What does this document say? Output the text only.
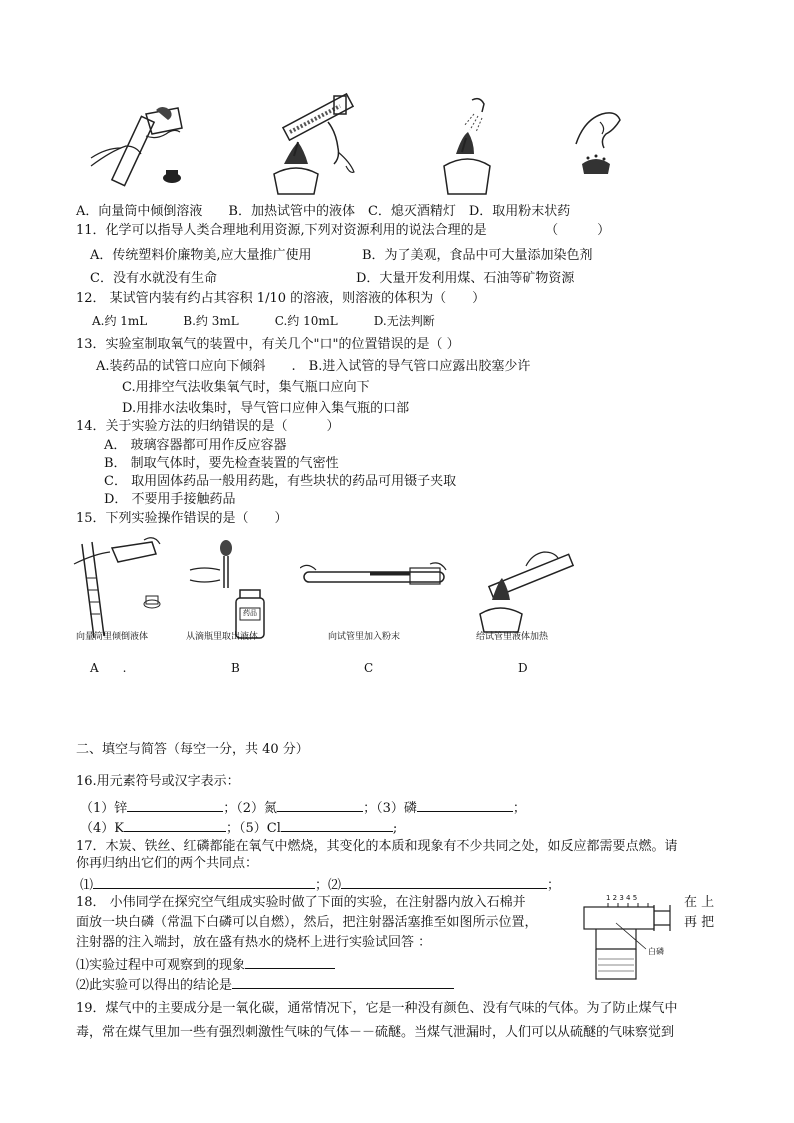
A．向量筒中倾倒溶液　　B．加热试管中的液体　C．熄灭酒精灯　D．取用粉末状药
11．化学可以指导人类合理地利用资源,下列对资源利用的说法合理的是　　　　　（　　　）
A．传统塑料价廉物美,应大量推广使用	B．为了美观，食品中可大量添加染色剂
C．没有水就没有生命	D．大量开发利用煤、石油等矿物资源
12． 某试管内装有约占其容积 1/10 的溶液，则溶液的体积为（　　）
A.约 1mL　　　B.约 3mL　　　C.约 10mL　　　D.无法判断
13．实验室制取氧气的装置中，有关几个"口"的位置错误的是（ ）
A.装药品的试管口应向下倾斜　　.　B.进入试管的导气管口应露出胶塞少许
C.用排空气法收集氧气时，集气瓶口应向下
D.用排水法收集时，导气管口应伸入集气瓶的口部
14．关于实验方法的归纳错误的是（　　　）
A． 玻璃容器都可用作反应容器
B． 制取气体时，要先检查装置的气密性
C． 取用固体药品一般用药匙，有些块状的药品可用镊子夹取
D． 不要用手接触药品
15．下列实验操作错误的是（　　）
药品
向量筒里倾倒液体	从滴瓶里取出液体	向试管里加入粉末	给试管里液体加热
A　　.	B	C	D
二、填空与简答（每空一分，共 40 分）
16.用元素符号或汉字表示：
（1）锌	；（2）氮	；（3）磷	；
（4）K	；（5）Cl	;
17．木炭、铁丝、红磷都能在氧气中燃烧，其变化的本质和现象有不少共同之处，如反应都需要点燃。请
你再归纳出它们的两个共同点：
⑴	；⑵	；
18． 小伟同学在探究空气组成实验时做了下面的实验，在注射器内放入石棉并	在 上
面放一块白磷（常温下白磷可以自燃），然后，把注射器活塞推至如图所示位置，	再 把
注射器的注入端封，放在盛有热水的烧杯上进行实验试回答 ：
⑴实验过程中可观察到的现象
⑵此实验可以得出的结论是
1 2 3 4 5
白磷
19．煤气中的主要成分是一氧化碳，通常情况下，它是一种没有颜色、没有气味的气体。为了防止煤气中
毒，常在煤气里加一些有强烈刺激性气味的气体－－硫醚。当煤气泄漏时，人们可以从硫醚的气味察觉到
